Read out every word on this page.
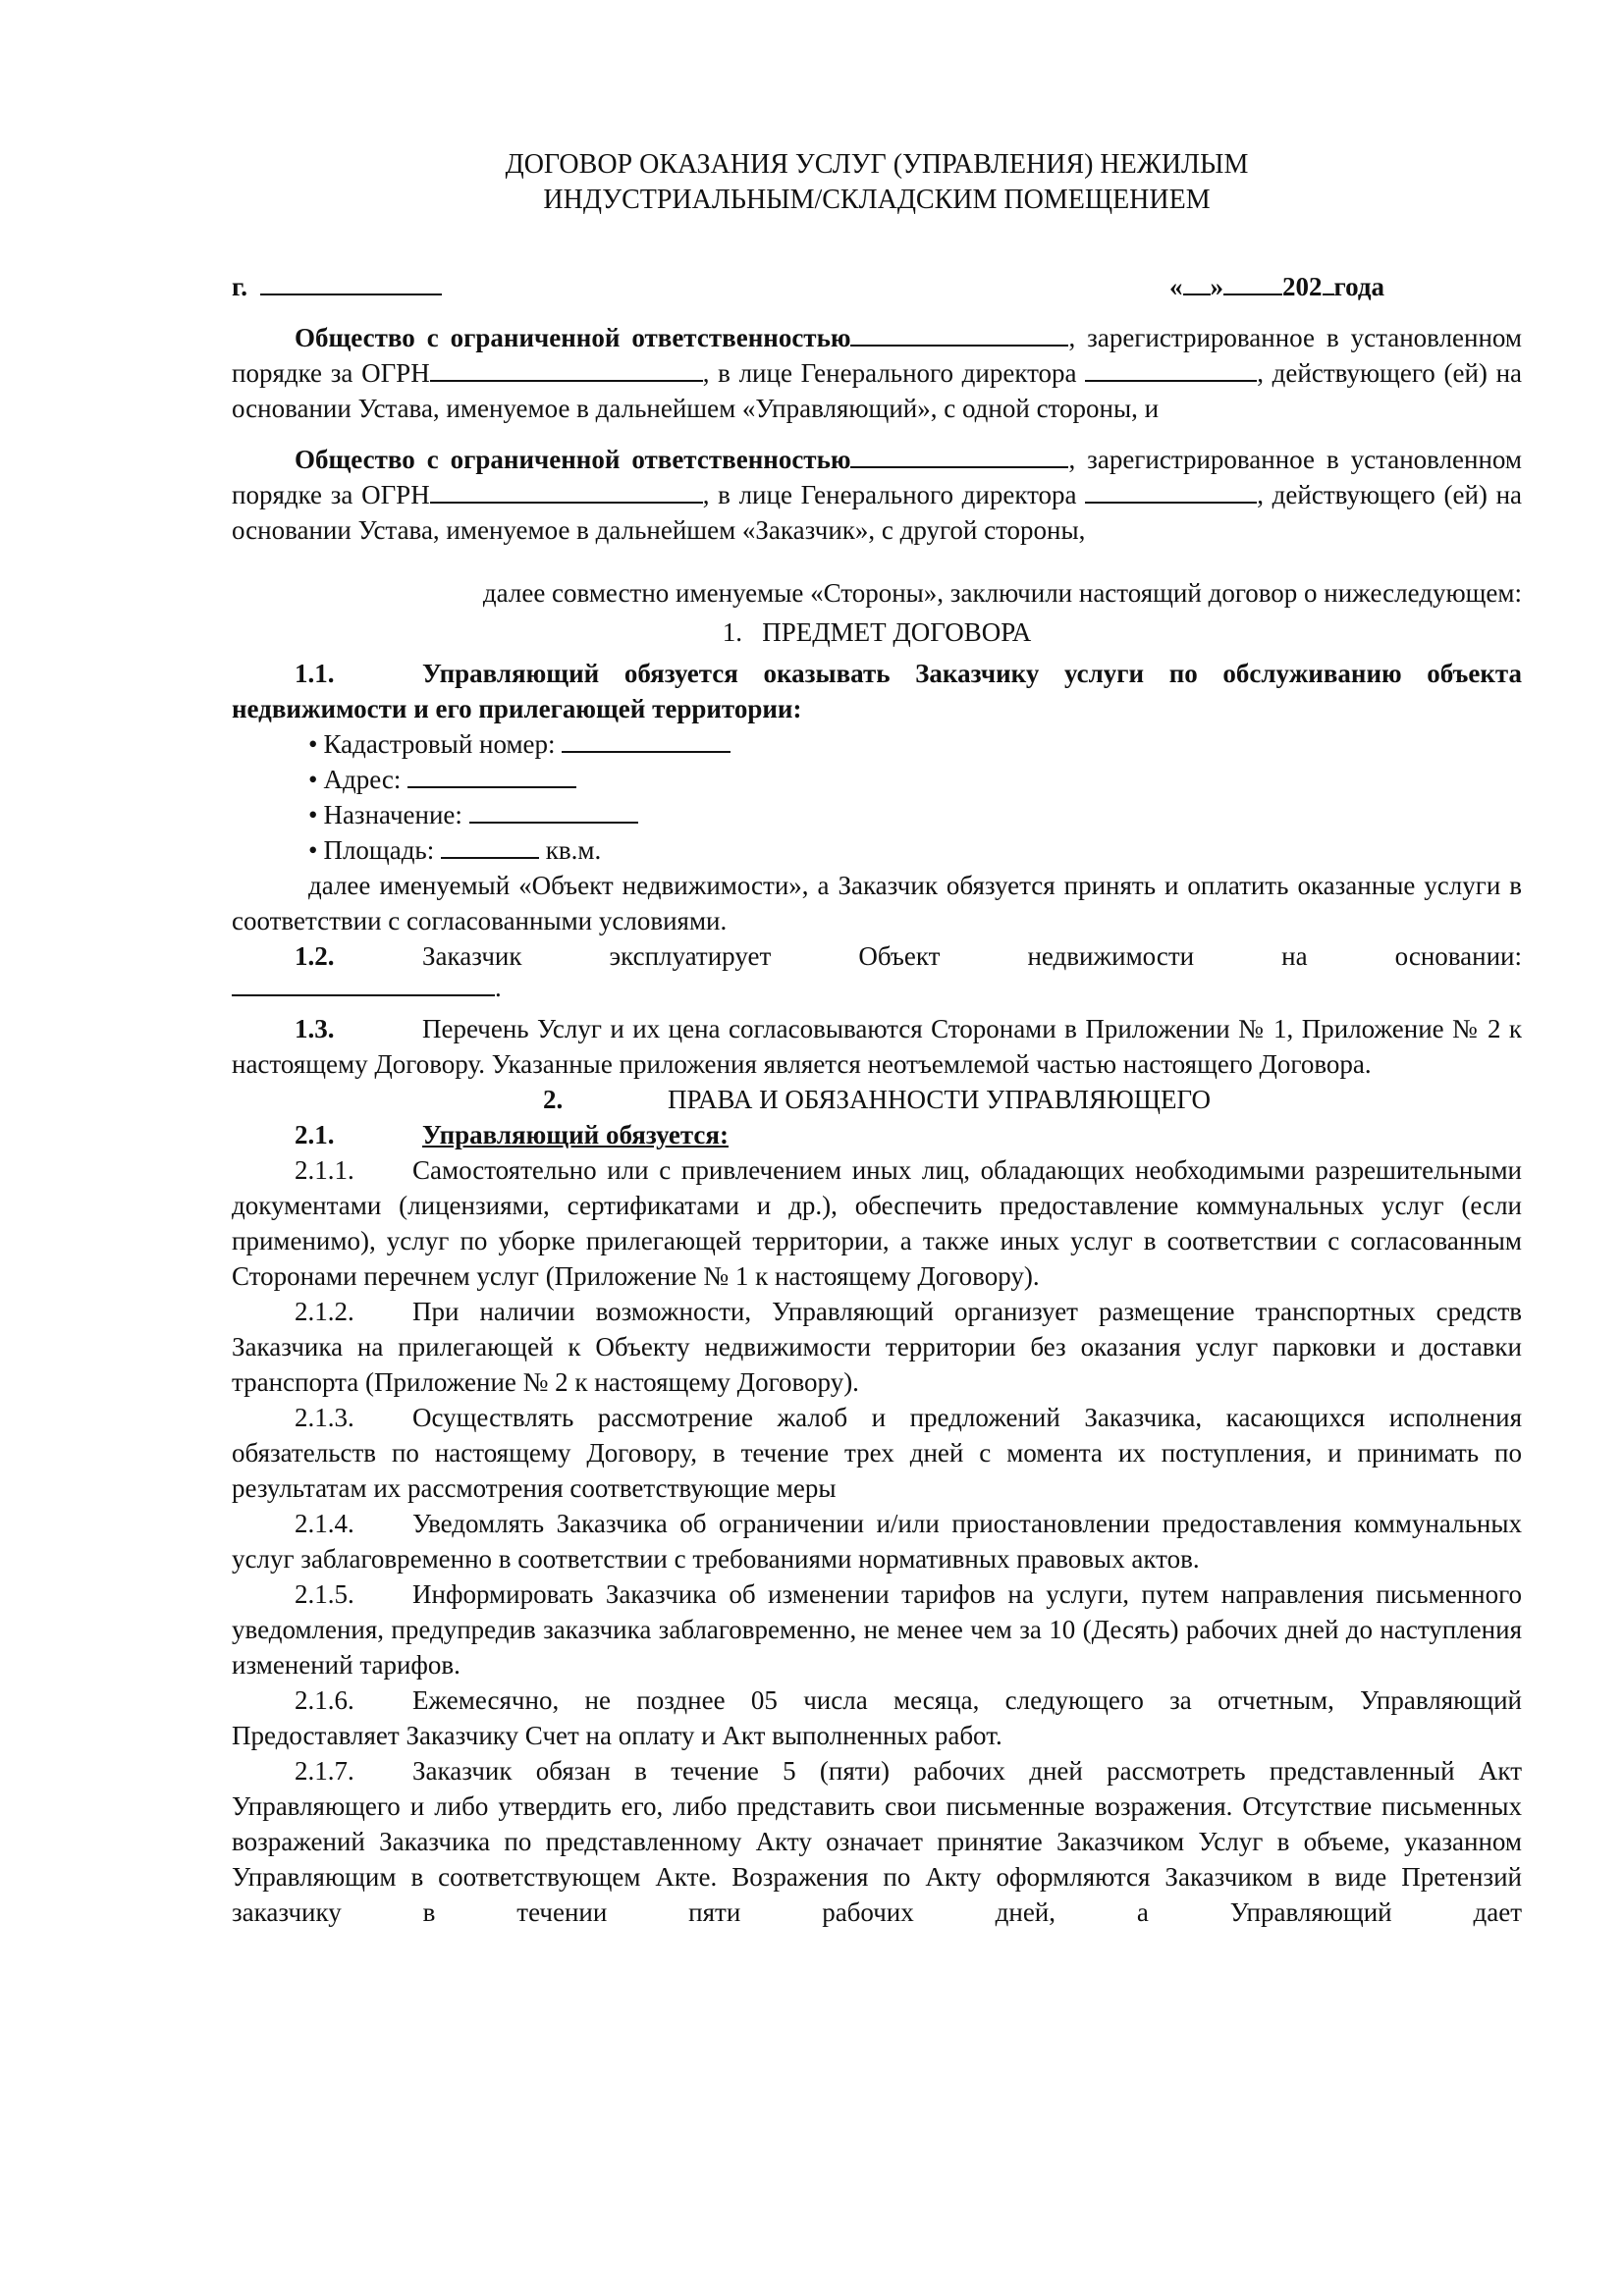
ДОГОВОР ОКАЗАНИЯ УСЛУГ (УПРАВЛЕНИЯ) НЕЖИЛЫМ
ИНДУСТРИАЛЬНЫМ/СКЛАДСКИМ ПОМЕЩЕНИЕМ
г.	« » 202 года

Общество с ограниченной ответственностью	, зарегистрированное в установленном порядке за ОГРН	, в лице Генерального директора	, действующего (ей) на основании Устава, именуемое в дальнейшем «Управляющий», с одной стороны, и

Общество с ограниченной ответственностью	, зарегистрированное в установленном порядке за ОГРН	, в лице Генерального директора	, действующего (ей) на основании Устава, именуемое в дальнейшем «Заказчик», с другой стороны,

далее совместно именуемые «Стороны», заключили настоящий договор о нижеследующем:

1. ПРЕДМЕТ ДОГОВОРА

1.1.	Управляющий обязуется оказывать Заказчику услуги по обслуживанию объекта недвижимости и его прилегающей территории:

• Кадастровый номер:
• Адрес:
• Назначение:
• Площадь:	кв.м.

далее именуемый «Объект недвижимости», а Заказчик обязуется принять и оплатить оказанные услуги в соответствии с согласованными условиями.

1.2.	Заказчик эксплуатирует Объект недвижимости на основании:

.

1.3.	Перечень Услуг и их цена согласовываются Сторонами в Приложении № 1, Приложение № 2 к настоящему Договору. Указанные приложения является неотъемлемой частью настоящего Договора.

2.	ПРАВА И ОБЯЗАННОСТИ УПРАВЛЯЮЩЕГО

2.1.	Управляющий обязуется:

2.1.1. Самостоятельно или с привлечением иных лиц, обладающих необходимыми разрешительными документами (лицензиями, сертификатами и др.), обеспечить предоставление коммунальных услуг (если применимо), услуг по уборке прилегающей территории, а также иных услуг в соответствии с согласованным Сторонами перечнем услуг (Приложение № 1 к настоящему Договору).

2.1.2. При наличии возможности, Управляющий организует размещение транспортных средств Заказчика на прилегающей к Объекту недвижимости территории без оказания услуг парковки и доставки транспорта (Приложение № 2 к настоящему Договору).

2.1.3. Осуществлять рассмотрение жалоб и предложений Заказчика, касающихся исполнения обязательств по настоящему Договору, в течение трех дней с момента их поступления, и принимать по результатам их рассмотрения соответствующие меры

2.1.4. Уведомлять Заказчика об ограничении и/или приостановлении предоставления коммунальных услуг заблаговременно в соответствии с требованиями нормативных правовых актов.

2.1.5. Информировать Заказчика об изменении тарифов на услуги, путем направления письменного уведомления, предупредив заказчика заблаговременно, не менее чем за 10 (Десять) рабочих дней до наступления изменений тарифов.

2.1.6. Ежемесячно, не позднее 05 числа месяца, следующего за отчетным, Управляющий Предоставляет Заказчику Счет на оплату и Акт выполненных работ.

2.1.7. Заказчик обязан в течение 5 (пяти) рабочих дней рассмотреть представленный Акт Управляющего и либо утвердить его, либо представить свои письменные возражения. Отсутствие письменных возражений Заказчика по представленному Акту означает принятие Заказчиком Услуг в объеме, указанном Управляющим в соответствующем Акте. Возражения по Акту оформляются Заказчиком в виде Претензий заказчику в течении пяти рабочих дней, а Управляющий дает
